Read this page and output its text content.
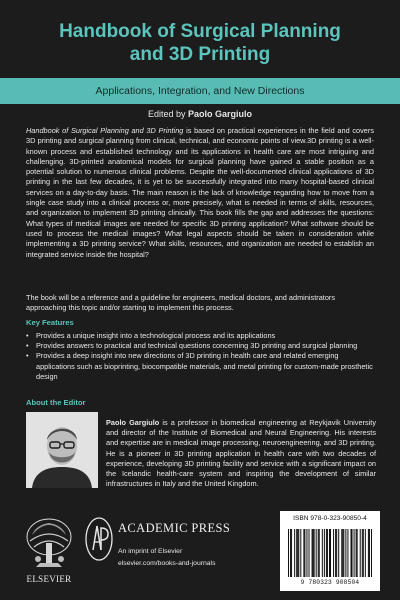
Handbook of Surgical Planning
and 3D Printing
Applications, Integration, and New Directions
Edited by Paolo Gargiulo

Handbook of Surgical Planning and 3D Printing is based on practical experiences in the field and covers 3D printing and surgical planning from clinical, technical, and economic points of view.3D printing is a well-known process and established technology and its applications in health care are most intriguing and challenging. 3D-printed anatomical models for surgical planning have gained a stable position as a potential solution to numerous clinical problems. Despite the well-documented clinical applications of 3D printing in the last few decades, it is yet to be successfully integrated into many hospital-based clinical services on a day-to-day basis. The main reason is the lack of knowledge regarding how to move from a single case study into a clinical process or, more precisely, what is needed in terms of skills, resources, and organization to implement 3D printing clinically. This book fills the gap and addresses the questions: What types of medical images are needed for specific 3D printing application? What software should be used to process the medical images? What legal aspects should be taken in consideration while implementing a 3D printing service? What skills, resources, and organization are needed to establish an integrated service inside the hospital?

The book will be a reference and a guideline for engineers, medical doctors, and administrators approaching this topic and/or starting to implement this process.

Key Features
• Provides a unique insight into a technological process and its applications
• Provides answers to practical and technical questions concerning 3D printing and surgical planning
• Provides a deep insight into new directions of 3D printing in health care and related emerging applications such as bioprinting, biocompatible materials, and metal printing for custom-made prosthetic design
About the Editor

Paolo Gargiulo is a professor in biomedical engineering at Reykjavik University and director of the Institute of Biomedical and Neural Engineering. His interests and expertise are in medical image processing, neuroengineering, and 3D printing. He is a pioneer in 3D printing application in health care with two decades of experience, developing 3D printing facility and service with a significant impact on the Icelandic health-care system and inspiring the development of similar infrastructures in Italy and the United Kingdom.

ELSEVIER
ACADEMIC PRESS
An imprint of Elsevier
elsevier.com/books-and-journals
ISBN 978-0-323-90850-4
9 780323 908504
